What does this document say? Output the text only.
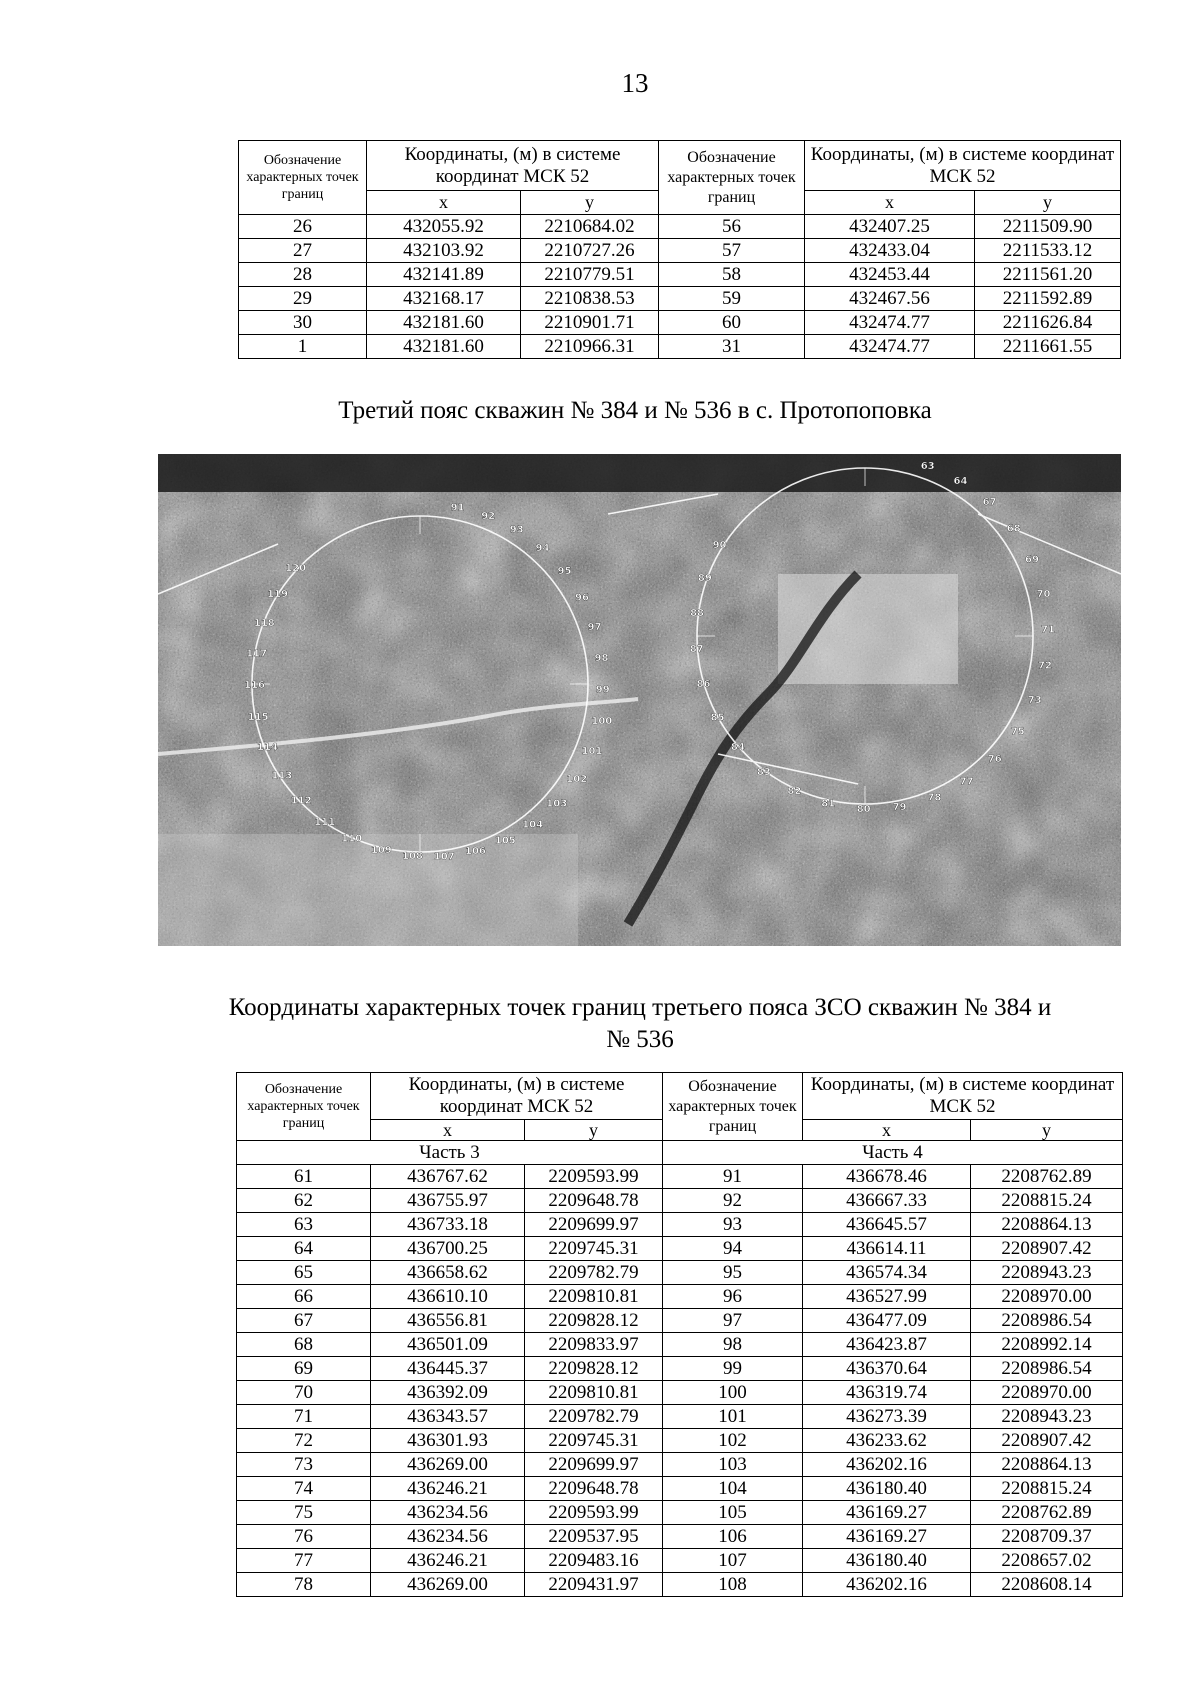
13
Обозначение характерных точек границ	Координаты, (м) в системе координат МСК 52		Обозначение характерных точек границ	Координаты, (м) в системе координат МСК 52	
	х	у		х	у
26	432055.92	2210684.02	56	432407.25	2211509.90
27	432103.92	2210727.26	57	432433.04	2211533.12
28	432141.89	2210779.51	58	432453.44	2211561.20
29	432168.17	2210838.53	59	432467.56	2211592.89
30	432181.60	2210901.71	60	432474.77	2211626.84
1	432181.60	2210966.31	31	432474.77	2211661.55
Третий пояс скважин № 384 и № 536 в с. Протопоповка
91
92
93
94
95
96
97
98
99
100
101
102
103
104
105
106
107
108
109
110
111
112
113
114
115
116
117
118
119
120
63
64
67
68
69
70
71
72
73
75
76
77
78
79
80
81
82
83
84
85
86
87
88
89
90
Координаты характерных точек границ третьего пояса ЗСО скважин № 384 и
№ 536
Обозначение характерных точек границ	Координаты, (м) в системе координат МСК 52		Обозначение характерных точек границ	Координаты, (м) в системе координат МСК 52	
	х	у		х	у
Часть 3			Часть 4		
61	436767.62	2209593.99	91	436678.46	2208762.89
62	436755.97	2209648.78	92	436667.33	2208815.24
63	436733.18	2209699.97	93	436645.57	2208864.13
64	436700.25	2209745.31	94	436614.11	2208907.42
65	436658.62	2209782.79	95	436574.34	2208943.23
66	436610.10	2209810.81	96	436527.99	2208970.00
67	436556.81	2209828.12	97	436477.09	2208986.54
68	436501.09	2209833.97	98	436423.87	2208992.14
69	436445.37	2209828.12	99	436370.64	2208986.54
70	436392.09	2209810.81	100	436319.74	2208970.00
71	436343.57	2209782.79	101	436273.39	2208943.23
72	436301.93	2209745.31	102	436233.62	2208907.42
73	436269.00	2209699.97	103	436202.16	2208864.13
74	436246.21	2209648.78	104	436180.40	2208815.24
75	436234.56	2209593.99	105	436169.27	2208762.89
76	436234.56	2209537.95	106	436169.27	2208709.37
77	436246.21	2209483.16	107	436180.40	2208657.02
78	436269.00	2209431.97	108	436202.16	2208608.14
